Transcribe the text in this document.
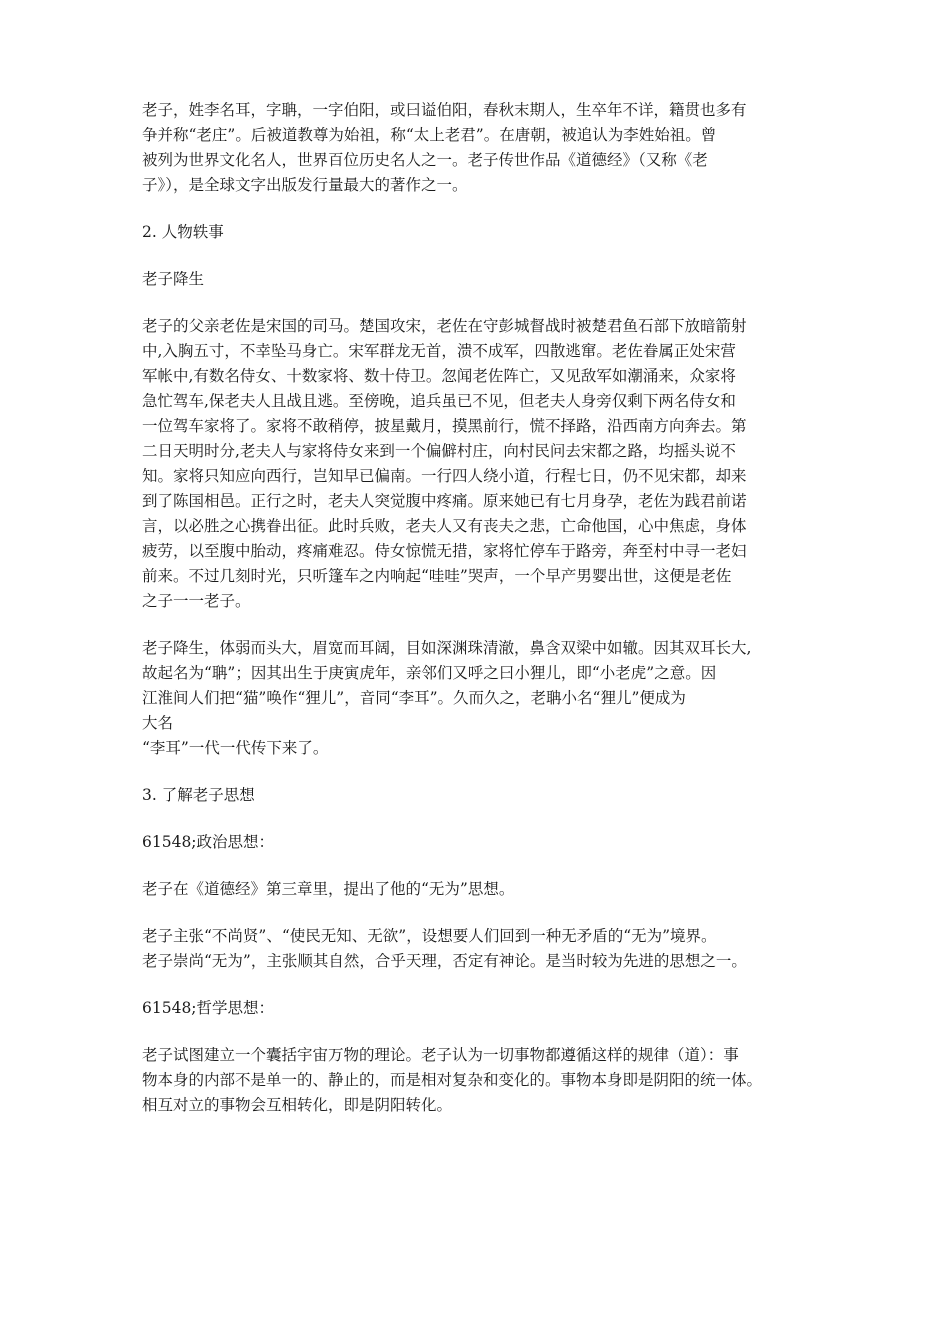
老子，姓李名耳，字聃，一字伯阳，或曰谥伯阳，春秋末期人，生卒年不详，籍贯也多有
争并称“老庄”。后被道教尊为始祖，称“太上老君”。在唐朝，被追认为李姓始祖。曾
被列为世界文化名人，世界百位历史名人之一。老子传世作品《道德经》（又称《老
子》），是全球文字出版发行量最大的著作之一。
2. 人物轶事
老子降生
老子的父亲老佐是宋国的司马。楚国攻宋，老佐在守彭城督战时被楚君鱼石部下放暗箭射
中,入胸五寸，不幸坠马身亡。宋军群龙无首，溃不成军，四散逃窜。老佐眷属正处宋营
军帐中,有数名侍女、十数家将、数十侍卫。忽闻老佐阵亡，又见敌军如潮涌来，众家将
急忙驾车,保老夫人且战且逃。至傍晚，追兵虽已不见，但老夫人身旁仅剩下两名侍女和
一位驾车家将了。家将不敢稍停，披星戴月，摸黑前行，慌不择路，沿西南方向奔去。第
二日天明时分,老夫人与家将侍女来到一个偏僻村庄，向村民问去宋都之路，均摇头说不
知。家将只知应向西行，岂知早已偏南。一行四人绕小道，行程七日，仍不见宋都，却来
到了陈国相邑。正行之时，老夫人突觉腹中疼痛。原来她已有七月身孕，老佐为践君前诺
言，以必胜之心携眷出征。此时兵败，老夫人又有丧夫之悲，亡命他国，心中焦虑，身体
疲劳，以至腹中胎动，疼痛难忍。侍女惊慌无措，家将忙停车于路旁，奔至村中寻一老妇
前来。不过几刻时光，只听篷车之内响起“哇哇”哭声，一个早产男婴出世，这便是老佐
之子一一老子。
老子降生，体弱而头大，眉宽而耳阔，目如深渊珠清澈，鼻含双梁中如辙。因其双耳长大,
故起名为“聃”；因其出生于庚寅虎年，亲邻们又呼之曰小狸儿，即“小老虎”之意。因
江淮间人们把“猫”唤作“狸儿”，音同“李耳”。久而久之，老聃小名“狸儿”便成为
大名
“李耳”一代一代传下来了。
3. 了解老子思想
61548;政治思想：
老子在《道德经》第三章里，提出了他的“无为”思想。
老子主张“不尚贤”、“使民无知、无欲”，设想要人们回到一种无矛盾的“无为”境界。
老子崇尚“无为”，主张顺其自然，合乎天理，否定有神论。是当时较为先进的思想之一。
61548;哲学思想：
老子试图建立一个囊括宇宙万物的理论。老子认为一切事物都遵循这样的规律（道）：事
物本身的内部不是单一的、静止的，而是相对复杂和变化的。事物本身即是阴阳的统一体。
相互对立的事物会互相转化，即是阴阳转化。
